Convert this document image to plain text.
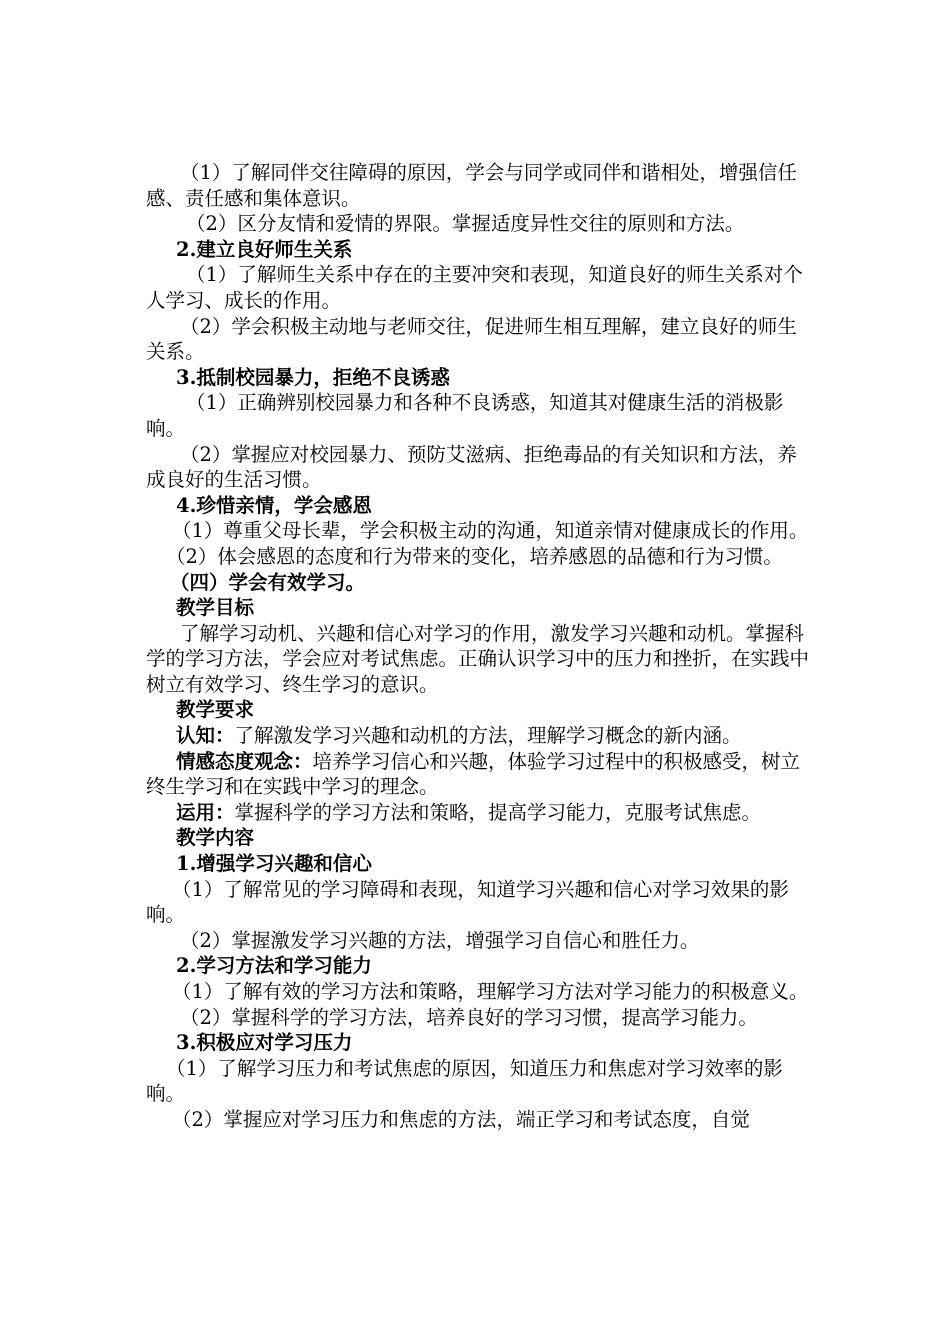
（1）了解同伴交往障碍的原因，学会与同学或同伴和谐相处，增强信任感、责任感和集体意识。

（2）区分友情和爱情的界限。掌握适度异性交往的原则和方法。

2.建立良好师生关系

（1）了解师生关系中存在的主要冲突和表现，知道良好的师生关系对个人学习、成长的作用。

（2）学会积极主动地与老师交往，促进师生相互理解，建立良好的师生关系。

3.抵制校园暴力，拒绝不良诱惑

（1）正确辨别校园暴力和各种不良诱惑，知道其对健康生活的消极影响。

（2）掌握应对校园暴力、预防艾滋病、拒绝毒品的有关知识和方法，养成良好的生活习惯。

4.珍惜亲情，学会感恩

（1）尊重父母长辈，学会积极主动的沟通，知道亲情对健康成长的作用。

（2）体会感恩的态度和行为带来的变化，培养感恩的品德和行为习惯。

（四）学会有效学习。

教学目标

了解学习动机、兴趣和信心对学习的作用，激发学习兴趣和动机。掌握科学的学习方法，学会应对考试焦虑。正确认识学习中的压力和挫折，在实践中树立有效学习、终生学习的意识。

教学要求

认知：了解激发学习兴趣和动机的方法，理解学习概念的新内涵。

情感态度观念：培养学习信心和兴趣，体验学习过程中的积极感受，树立终生学习和在实践中学习的理念。

运用：掌握科学的学习方法和策略，提高学习能力，克服考试焦虑。

教学内容

1.增强学习兴趣和信心

（1）了解常见的学习障碍和表现，知道学习兴趣和信心对学习效果的影响。

（2）掌握激发学习兴趣的方法，增强学习自信心和胜任力。

2.学习方法和学习能力

（1）了解有效的学习方法和策略，理解学习方法对学习能力的积极意义。

（2）掌握科学的学习方法，培养良好的学习习惯，提高学习能力。

3.积极应对学习压力

（1）了解学习压力和考试焦虑的原因，知道压力和焦虑对学习效率的影响。

（2）掌握应对学习压力和焦虑的方法，端正学习和考试态度，自觉
